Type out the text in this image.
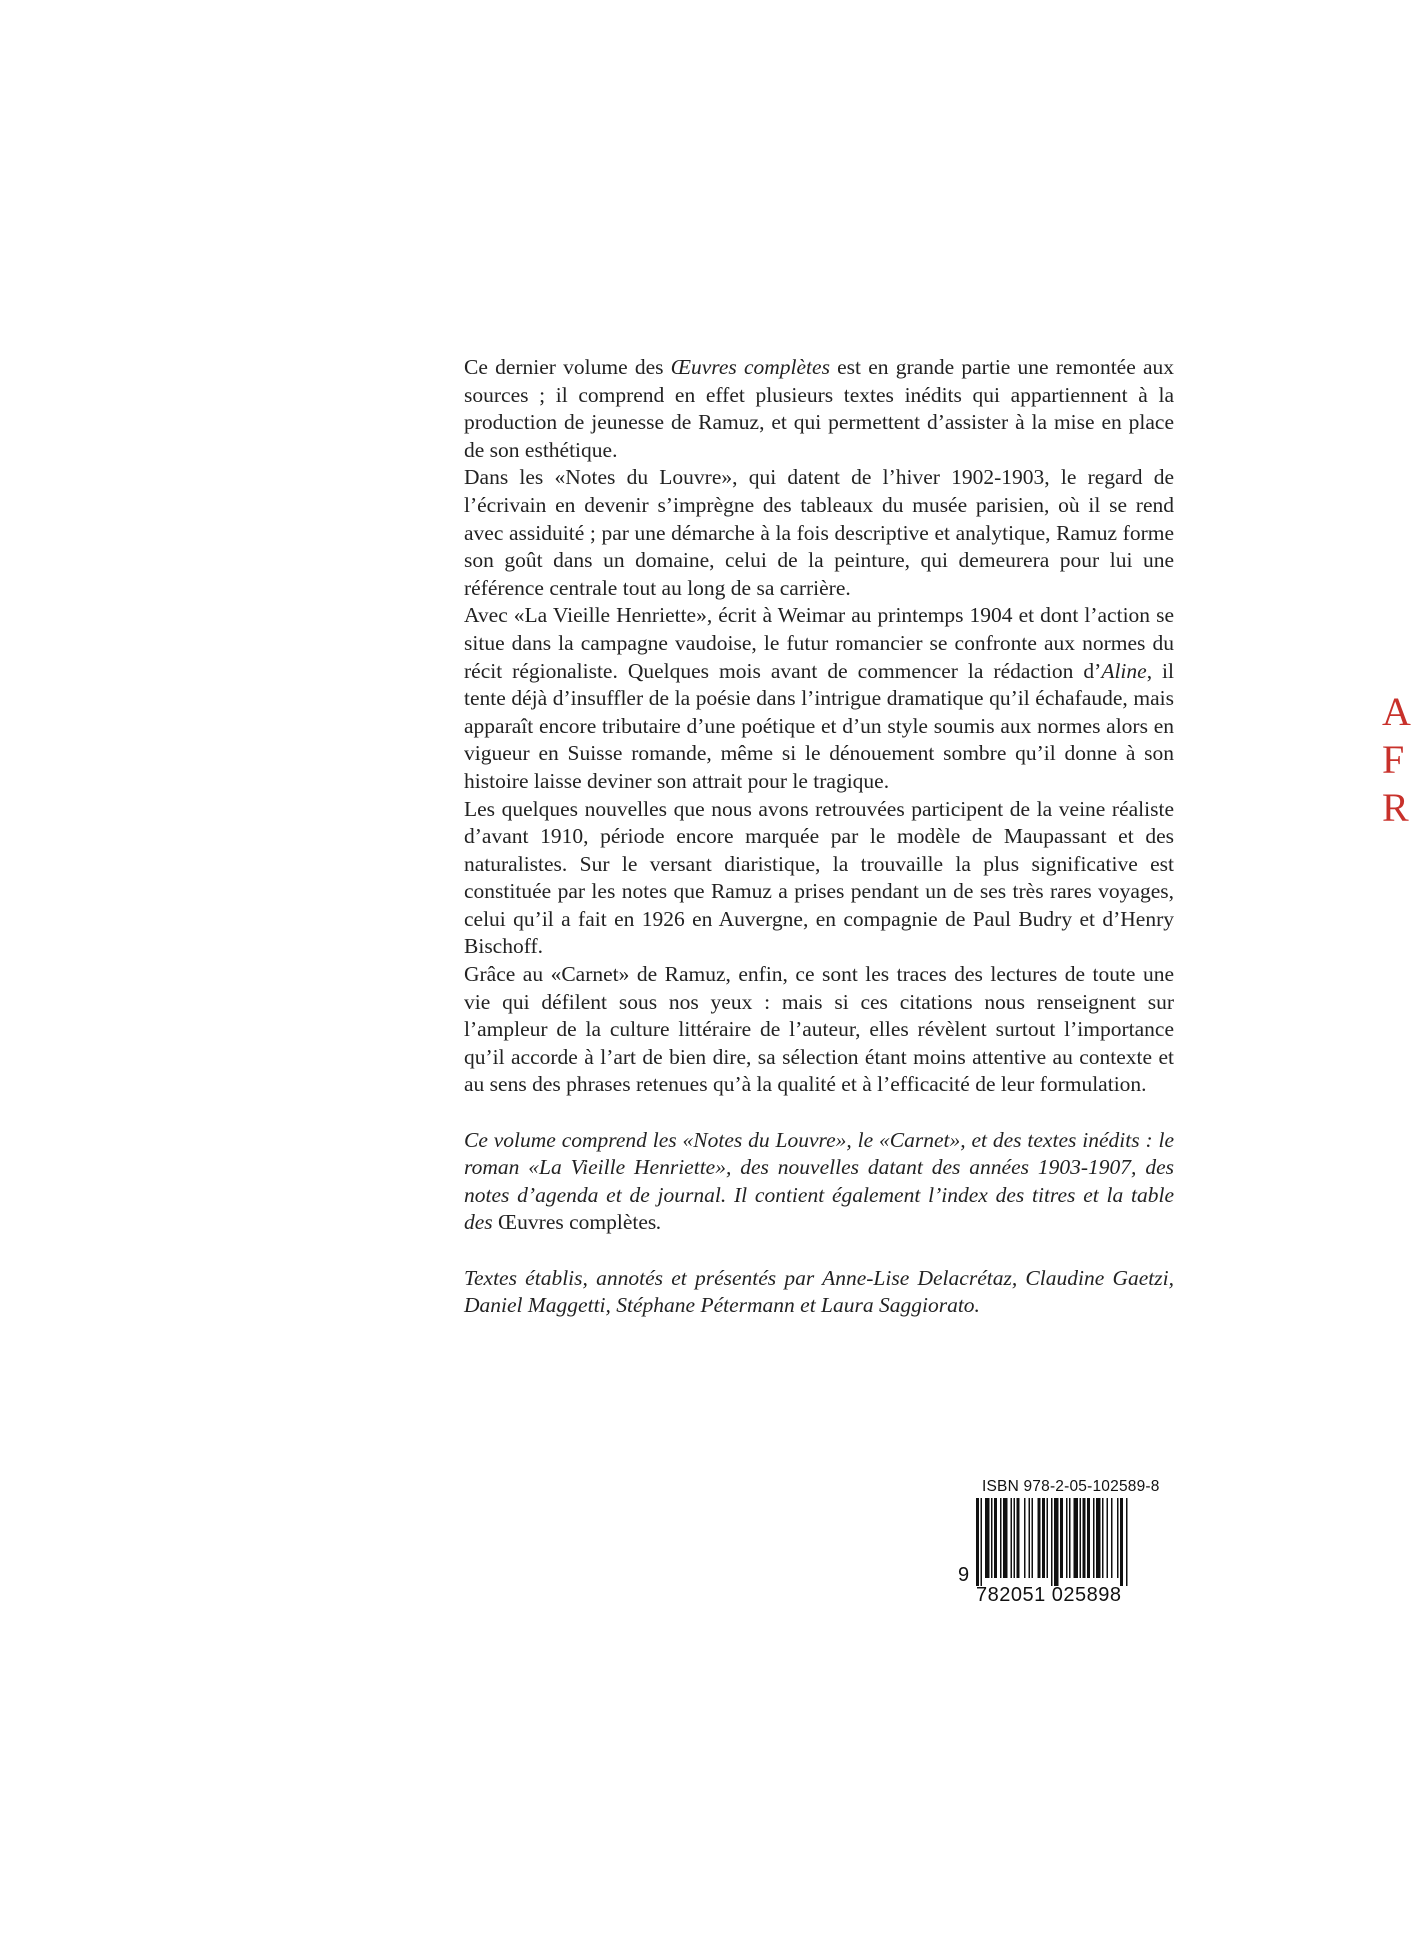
Ce dernier volume des Œuvres complètes est en grande partie une remontée aux sources ; il comprend en effet plusieurs textes inédits qui appartiennent à la production de jeunesse de Ramuz, et qui permettent d’assister à la mise en place de son esthétique.

Dans les «Notes du Louvre», qui datent de l’hiver 1902-1903, le regard de l’écrivain en devenir s’imprègne des tableaux du musée parisien, où il se rend avec assiduité ; par une démarche à la fois descriptive et analytique, Ramuz forme son goût dans un domaine, celui de la peinture, qui demeurera pour lui une référence centrale tout au long de sa carrière.

Avec «La Vieille Henriette», écrit à Weimar au printemps 1904 et dont l’action se situe dans la campagne vaudoise, le futur romancier se confronte aux normes du récit régionaliste. Quelques mois avant de commencer la rédaction d’Aline, il tente déjà d’insuffler de la poésie dans l’intrigue dramatique qu’il échafaude, mais apparaît encore tributaire d’une poétique et d’un style soumis aux normes alors en vigueur en Suisse romande, même si le dénouement sombre qu’il donne à son histoire laisse deviner son attrait pour le tragique.

Les quelques nouvelles que nous avons retrouvées participent de la veine réaliste d’avant 1910, période encore marquée par le modèle de Maupassant et des naturalistes. Sur le versant diaristique, la trouvaille la plus significative est constituée par les notes que Ramuz a prises pendant un de ses très rares voyages, celui qu’il a fait en 1926 en Auvergne, en compagnie de Paul Budry et d’Henry Bischoff.

Grâce au «Carnet» de Ramuz, enfin, ce sont les traces des lectures de toute une vie qui défilent sous nos yeux : mais si ces citations nous renseignent sur l’ampleur de la culture littéraire de l’auteur, elles révèlent surtout l’importance qu’il accorde à l’art de bien dire, sa sélection étant moins attentive au contexte et au sens des phrases retenues qu’à la qualité et à l’efficacité de leur formulation.

Ce volume comprend les «Notes du Louvre», le «Carnet», et des textes inédits : le roman «La Vieille Henriette», des nouvelles datant des années 1903-1907, des notes d’agenda et de journal. Il contient également l’index des titres et la table des Œuvres complètes.

Textes établis, annotés et présentés par Anne-Lise Delacrétaz, Claudine Gaetzi, Daniel Maggetti, Stéphane Pétermann et Laura Saggiorato.

ISBN 978-2-05-102589-8
9
782051 025898
A
F
R
